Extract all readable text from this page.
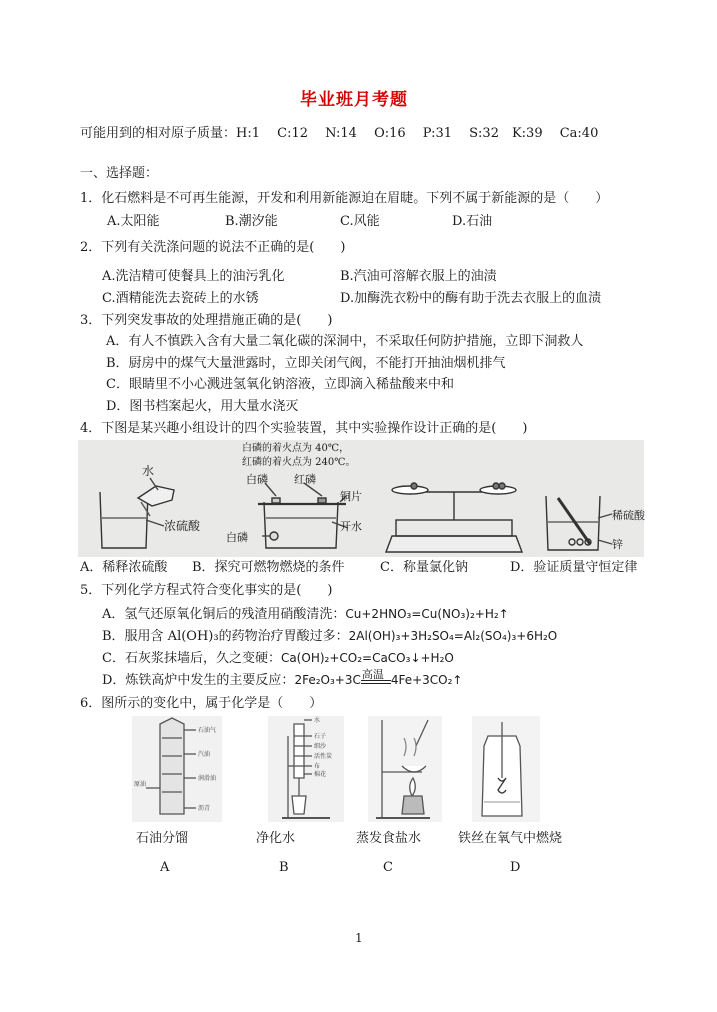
毕业班月考题
可能用到的相对原子质量：H:1　 C:12　 N:14　 O:16　 P:31　 S:32　K:39　 Ca:40
一、选择题：
1．化石燃料是不可再生能源，开发和利用新能源迫在眉睫。下列不属于新能源的是（　　）
A.太阳能	B.潮汐能	C.风能	D.石油
2．下列有关洗涤问题的说法不正确的是(　　)
A.洗洁精可使餐具上的油污乳化	B.汽油可溶解衣服上的油渍
C.酒精能洗去瓷砖上的水锈	D.加酶洗衣粉中的酶有助于洗去衣服上的血渍
3．下列突发事故的处理措施正确的是(　　)
A．有人不慎跌入含有大量二氧化碳的深洞中，不采取任何防护措施，立即下洞救人
B．厨房中的煤气大量泄露时，立即关闭气阀，不能打开抽油烟机排气
C．眼睛里不小心溅进氢氧化钠溶液，立即滴入稀盐酸来中和
D．图书档案起火，用大量水浇灭
4．下图是某兴趣小组设计的四个实验装置，其中实验操作设计正确的是(　　)
白磷的着火点为 40℃，
红磷的着火点为 240℃。
水
浓硫酸
白磷 红磷
铜片
白磷
开水
稀硫酸
锌
A．稀释浓硫酸 B．探究可燃物燃烧的条件	C．称量氯化钠	D．验证质量守恒定律
5．下列化学方程式符合变化事实的是(　　)
A．氢气还原氧化铜后的残渣用硝酸清洗：Cu+2HNO₃=Cu(NO₃)₂+H₂↑
B．服用含 Al(OH)₃的药物治疗胃酸过多：2Al(OH)₃+3H₂SO₄=Al₂(SO₄)₃+6H₂O
C．石灰浆抹墙后，久之变硬：Ca(OH)₂+CO₂=CaCO₃↓+H₂O
D．炼铁高炉中发生的主要反应：2Fe₂O₃+3C 高温 4Fe+3CO₂↑
6．图所示的变化中，属于化学是（　　）
石油气
汽油
润滑油
原油
沥青
水
石子
细沙
活性炭
布
棉花
石油分馏	净化水	蒸发食盐水	铁丝在氧气中燃烧
A	B	C	D
1
